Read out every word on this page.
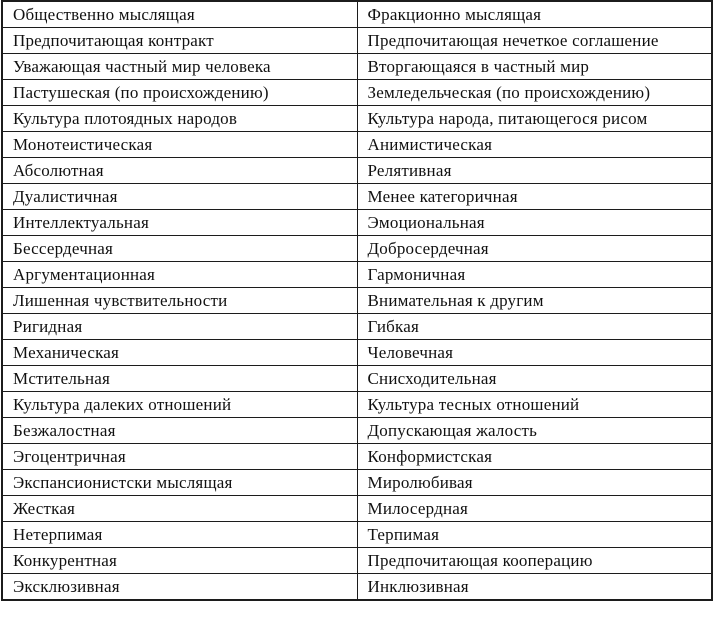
Общественно мыслящая	Фракционно мыслящая
Предпочитающая контракт	Предпочитающая нечеткое соглашение
Уважающая частный мир человека	Вторгающаяся в частный мир
Пастушеская (по происхождению)	Земледельческая (по происхождению)
Культура плотоядных народов	Культура народа, питающегося рисом
Монотеистическая	Анимистическая
Абсолютная	Релятивная
Дуалистичная	Менее категоричная
Интеллектуальная	Эмоциональная
Бессердечная	Добросердечная
Аргументационная	Гармоничная
Лишенная чувствительности	Внимательная к другим
Ригидная	Гибкая
Механическая	Человечная
Мстительная	Снисходительная
Культура далеких отношений	Культура тесных отношений
Безжалостная	Допускающая жалость
Эгоцентричная	Конформистская
Экспансионистски мыслящая	Миролюбивая
Жесткая	Милосердная
Нетерпимая	Терпимая
Конкурентная	Предпочитающая кооперацию
Эксклюзивная	Инклюзивная
